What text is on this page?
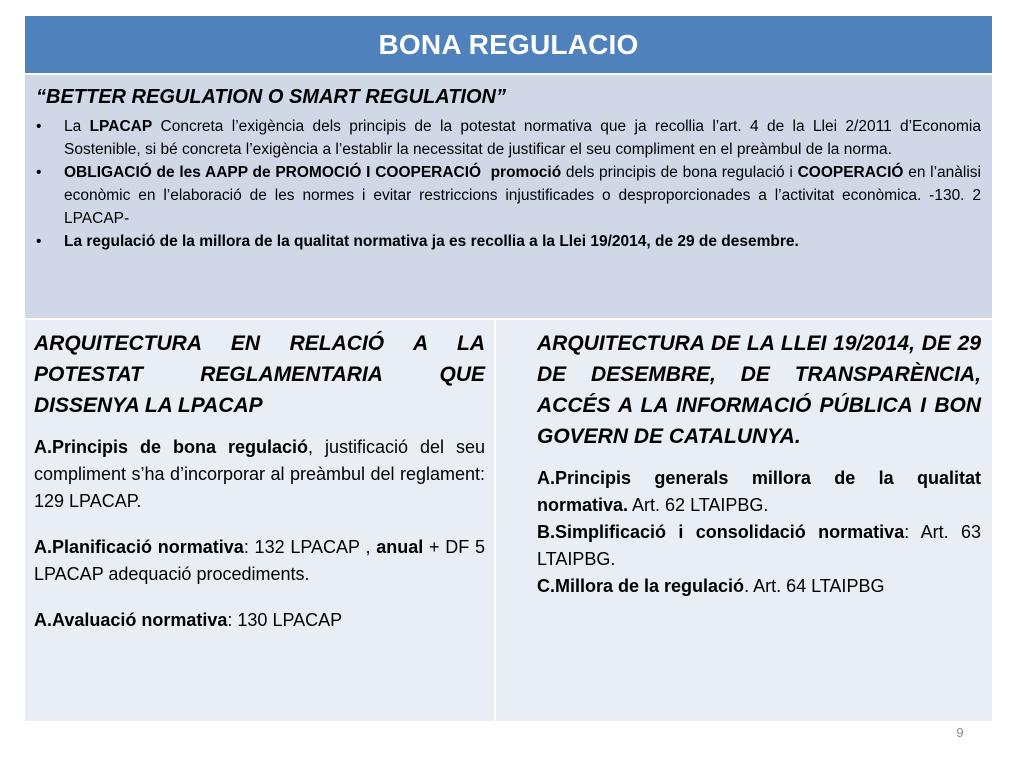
BONA REGULACIO
“BETTER REGULATION O SMART REGULATION”
•	La LPACAP Concreta l’exigència dels principis de la potestat normativa que ja recollia l’art. 4 de la Llei 2/2011 d’Economia Sostenible, si bé concreta l’exigència a l’establir la necessitat de justificar el seu compliment en el preàmbul de la norma.
•	OBLIGACIÓ de les AAPP de PROMOCIÓ I COOPERACIÓ promoció dels principis de bona regulació i COOPERACIÓ en l’anàlisi econòmic en l’elaboració de les normes i evitar restriccions injustificades o desproporcionades a l’activitat econòmica. -130. 2 LPACAP-
•	La regulació de la millora de la qualitat normativa ja es recollia a la Llei 19/2014, de 29 de desembre.
ARQUITECTURA EN RELACIÓ A LA POTESTAT REGLAMENTARIA QUE DISSENYA LA LPACAP

A.Principis de bona regulació, justificació del seu compliment s’ha d’incorporar al preàmbul del reglament: 129 LPACAP.

A.Planificació normativa: 132 LPACAP , anual + DF 5 LPACAP adequació procediments.

A.Avaluació normativa: 130 LPACAP

ARQUITECTURA DE LA LLEI 19/2014, DE 29 DE DESEMBRE, DE TRANSPARÈNCIA, ACCÉS A LA INFORMACIÓ PÚBLICA I BON GOVERN DE CATALUNYA.

A.Principis generals millora de la qualitat normativa. Art. 62 LTAIPBG.

B.Simplificació i consolidació normativa: Art. 63 LTAIPBG.

C.Millora de la regulació. Art. 64 LTAIPBG

9
